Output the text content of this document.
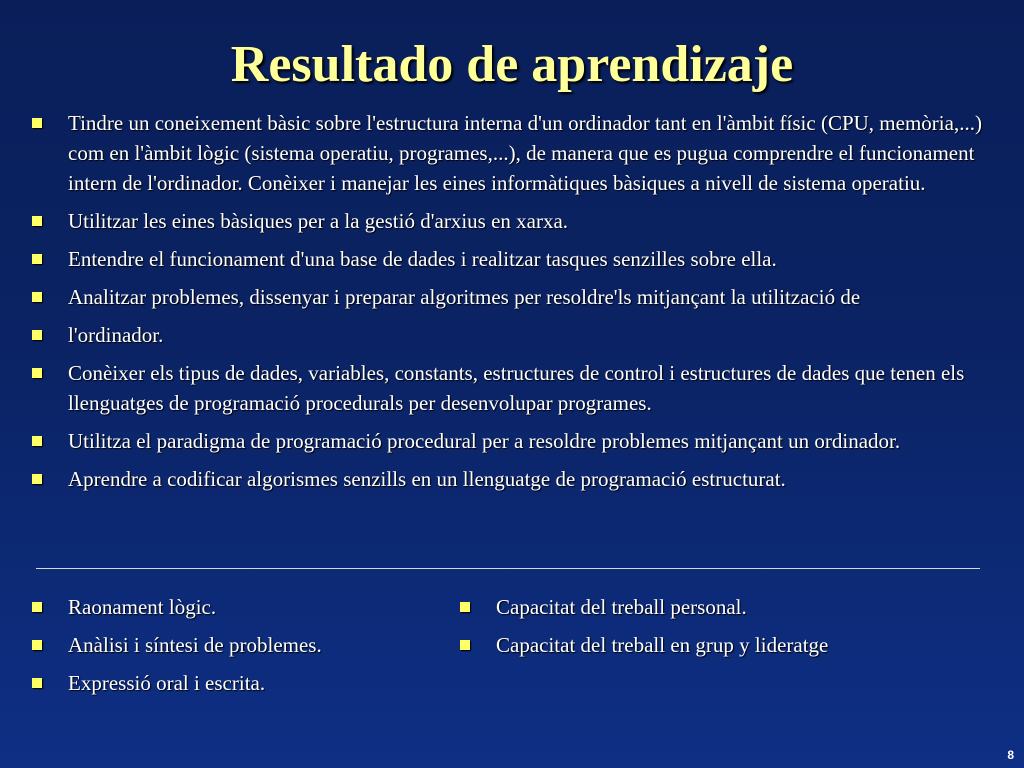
Resultado de aprendizaje
Tindre un coneixement bàsic sobre l'estructura interna d'un ordinador tant en l'àmbit físic (CPU, memòria,...) com en l'àmbit lògic (sistema operatiu, programes,...), de manera que es pugua comprendre el funcionament intern de l'ordinador. Conèixer i manejar les eines informàtiques bàsiques a nivell de sistema operatiu.
Utilitzar les eines bàsiques per a la gestió d'arxius en xarxa.
Entendre el funcionament d'una base de dades i realitzar tasques senzilles sobre ella.
Analitzar problemes, dissenyar i preparar algoritmes per resoldre'ls mitjançant la utilització de
l'ordinador.
Conèixer els tipus de dades, variables, constants, estructures de control i estructures de dades que tenen els llenguatges de programació procedurals per desenvolupar programes.
Utilitza el paradigma de programació procedural per a resoldre problemes mitjançant un ordinador.
Aprendre a codificar algorismes senzills en un llenguatge de programació estructurat.
Raonament lògic.
Anàlisi i síntesi de problemes.
Expressió oral i escrita.
Capacitat del treball personal.
Capacitat del treball en grup y lideratge
8
